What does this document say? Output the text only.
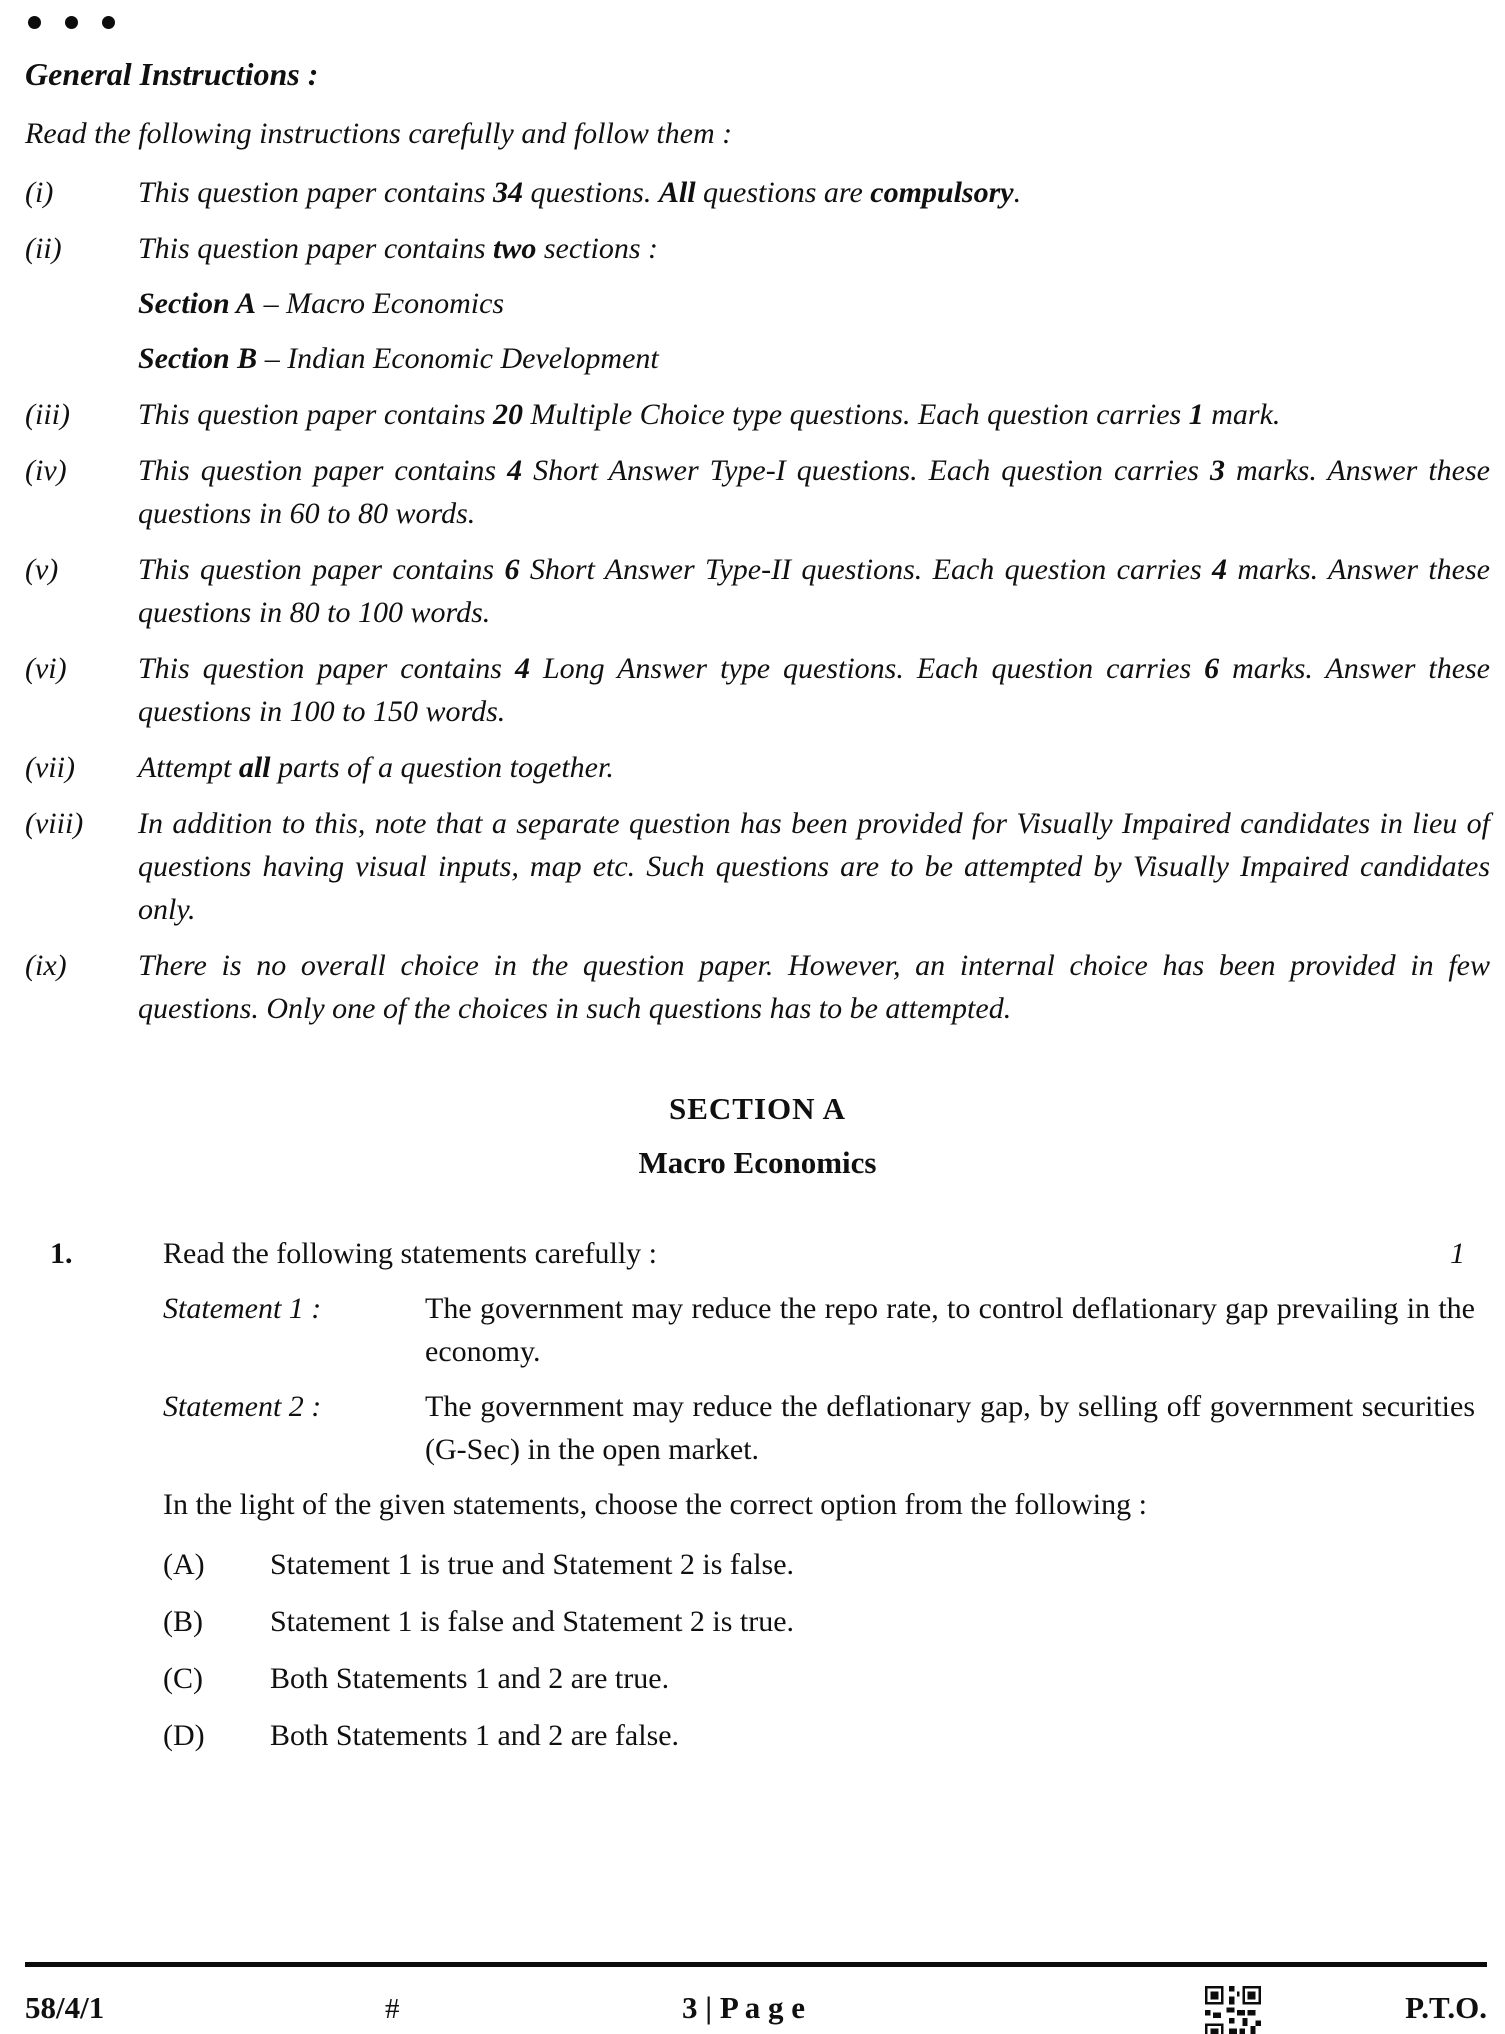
General Instructions :

Read the following instructions carefully and follow them :

(i)	This question paper contains 34 questions. All questions are compulsory.

(ii)	This question paper contains two sections :

Section A – Macro Economics

Section B – Indian Economic Development

(iii)	This question paper contains 20 Multiple Choice type questions. Each question carries 1 mark.

(iv)	This question paper contains 4 Short Answer Type-I questions. Each question carries 3 marks. Answer these questions in 60 to 80 words.

(v)	This question paper contains 6 Short Answer Type-II questions. Each question carries 4 marks. Answer these questions in 80 to 100 words.

(vi)	This question paper contains 4 Long Answer type questions. Each question carries 6 marks. Answer these questions in 100 to 150 words.

(vii)	Attempt all parts of a question together.

(viii)	In addition to this, note that a separate question has been provided for Visually Impaired candidates in lieu of questions having visual inputs, map etc. Such questions are to be attempted by Visually Impaired candidates only.

(ix)	There is no overall choice in the question paper. However, an internal choice has been provided in few questions. Only one of the choices in such questions has to be attempted.

SECTION A
Macro Economics
1.	Read the following statements carefully :

Statement 1 :	The government may reduce the repo rate, to control deflationary gap prevailing in the economy.

Statement 2 :	The government may reduce the deflationary gap, by selling off government securities (G-Sec) in the open market.

In the light of the given statements, choose the correct option from the following :

(A)	Statement 1 is true and Statement 2 is false.

(B)	Statement 1 is false and Statement 2 is true.

(C)	Both Statements 1 and 2 are true.

(D)	Both Statements 1 and 2 are false.

1
58/4/1	#	3 | P a g e	P.T.O.
